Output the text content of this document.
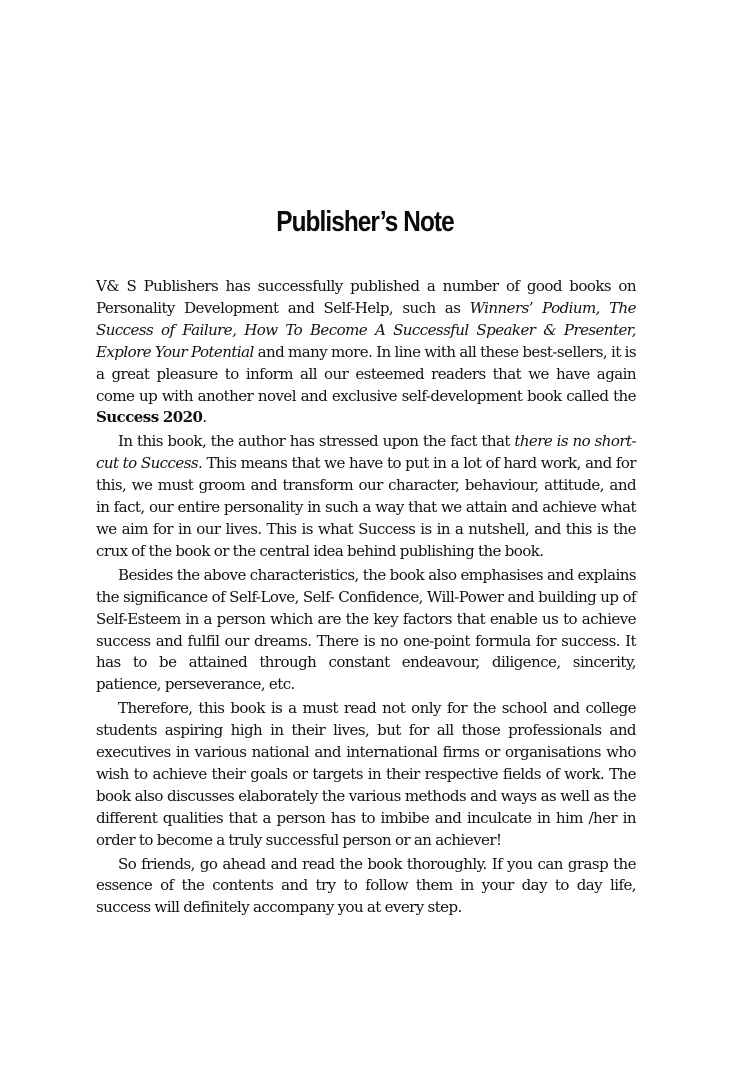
Publisher’s Note

V& S Publishers has successfully published a number of good books on Personality Development and Self-Help, such as Winners’ Podium, The Success of Failure, How To Become A Successful Speaker & Presenter, Explore Your Potential and many more. In line with all these best-sellers, it is a great pleasure to inform all our esteemed readers that we have again come up with another novel and exclusive self-development book called the Success 2020.

In this book, the author has stressed upon the fact that there is no short-cut to Success. This means that we have to put in a lot of hard work, and for this, we must groom and transform our character, behaviour, attitude, and in fact, our entire personality in such a way that we attain and achieve what we aim for in our lives. This is what Success is in a nutshell, and this is the crux of the book or the central idea behind publishing the book.

Besides the above characteristics, the book also emphasises and explains the significance of Self-Love, Self- Confidence, Will-Power and building up of Self-Esteem in a person which are the key factors that enable us to achieve success and fulfil our dreams. There is no one-point formula for success. It has to be attained through constant endeavour, diligence, sincerity, patience, perseverance, etc.

Therefore, this book is a must read not only for the school and college students aspiring high in their lives, but for all those professionals and executives in various national and international firms or organisations who wish to achieve their goals or targets in their respective fields of work. The book also discusses elaborately the various methods and ways as well as the different qualities that a person has to imbibe and inculcate in him /her in order to become a truly successful person or an achiever!

So friends, go ahead and read the book thoroughly. If you can grasp the essence of the contents and try to follow them in your day to day life, success will definitely accompany you at every step.
